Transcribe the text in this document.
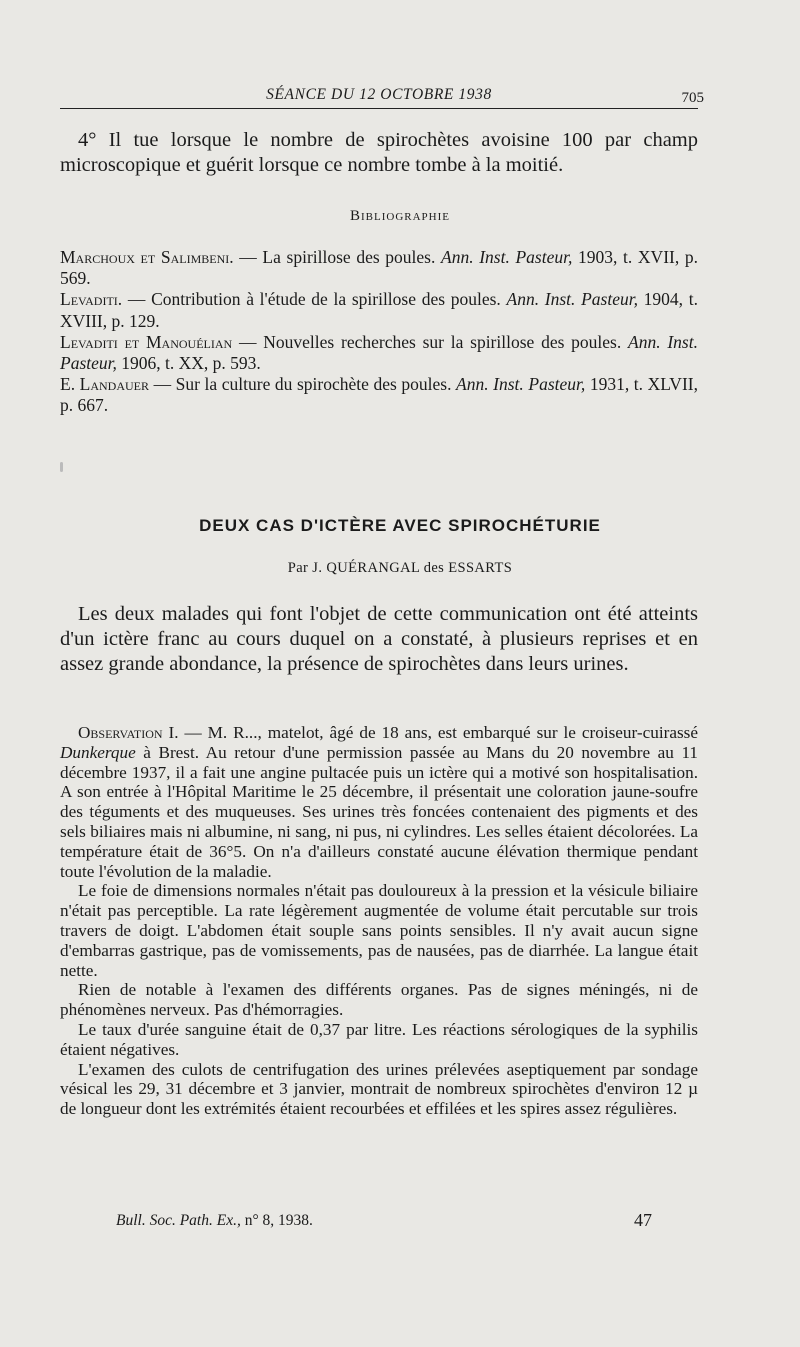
SÉANCE DU 12 OCTOBRE 1938	705
4° Il tue lorsque le nombre de spirochètes avoisine 100 par champ microscopique et guérit lorsque ce nombre tombe à la moitié.
Bibliographie
Marchoux et Salimbeni. — La spirillose des poules. Ann. Inst. Pasteur, 1903, t. XVII, p. 569.
Levaditi. — Contribution à l'étude de la spirillose des poules. Ann. Inst. Pasteur, 1904, t. XVIII, p. 129.
Levaditi et Manouélian — Nouvelles recherches sur la spirillose des poules. Ann. Inst. Pasteur, 1906, t. XX, p. 593.
E. Landauer — Sur la culture du spirochète des poules. Ann. Inst. Pasteur, 1931, t. XLVII, p. 667.
DEUX CAS D'ICTÈRE AVEC SPIROCHÉTURIE
Par J. QUÉRANGAL des ESSARTS
Les deux malades qui font l'objet de cette communication ont été atteints d'un ictère franc au cours duquel on a constaté, à plusieurs reprises et en assez grande abondance, la présence de spirochètes dans leurs urines.

Observation I. — M. R..., matelot, âgé de 18 ans, est embarqué sur le croiseur-cuirassé Dunkerque à Brest. Au retour d'une permission passée au Mans du 20 novembre au 11 décembre 1937, il a fait une angine pultacée puis un ictère qui a motivé son hospitalisation. A son entrée à l'Hôpital Maritime le 25 décembre, il présentait une coloration jaune-soufre des téguments et des muqueuses. Ses urines très foncées contenaient des pigments et des sels biliaires mais ni albumine, ni sang, ni pus, ni cylindres. Les selles étaient décolorées. La température était de 36°5. On n'a d'ailleurs constaté aucune élévation thermique pendant toute l'évolution de la maladie.

Le foie de dimensions normales n'était pas douloureux à la pression et la vésicule biliaire n'était pas perceptible. La rate légèrement augmentée de volume était percutable sur trois travers de doigt. L'abdomen était souple sans points sensibles. Il n'y avait aucun signe d'embarras gastrique, pas de vomissements, pas de nausées, pas de diarrhée. La langue était nette.

Rien de notable à l'examen des différents organes. Pas de signes méningés, ni de phénomènes nerveux. Pas d'hémorragies.

Le taux d'urée sanguine était de 0,37 par litre. Les réactions sérologiques de la syphilis étaient négatives.

L'examen des culots de centrifugation des urines prélevées aseptiquement par sondage vésical les 29, 31 décembre et 3 janvier, montrait de nombreux spirochètes d'environ 12 µ de longueur dont les extrémités étaient recourbées et effilées et les spires assez régulières.

Bull. Soc. Path. Ex., n° 8, 1938.	47
